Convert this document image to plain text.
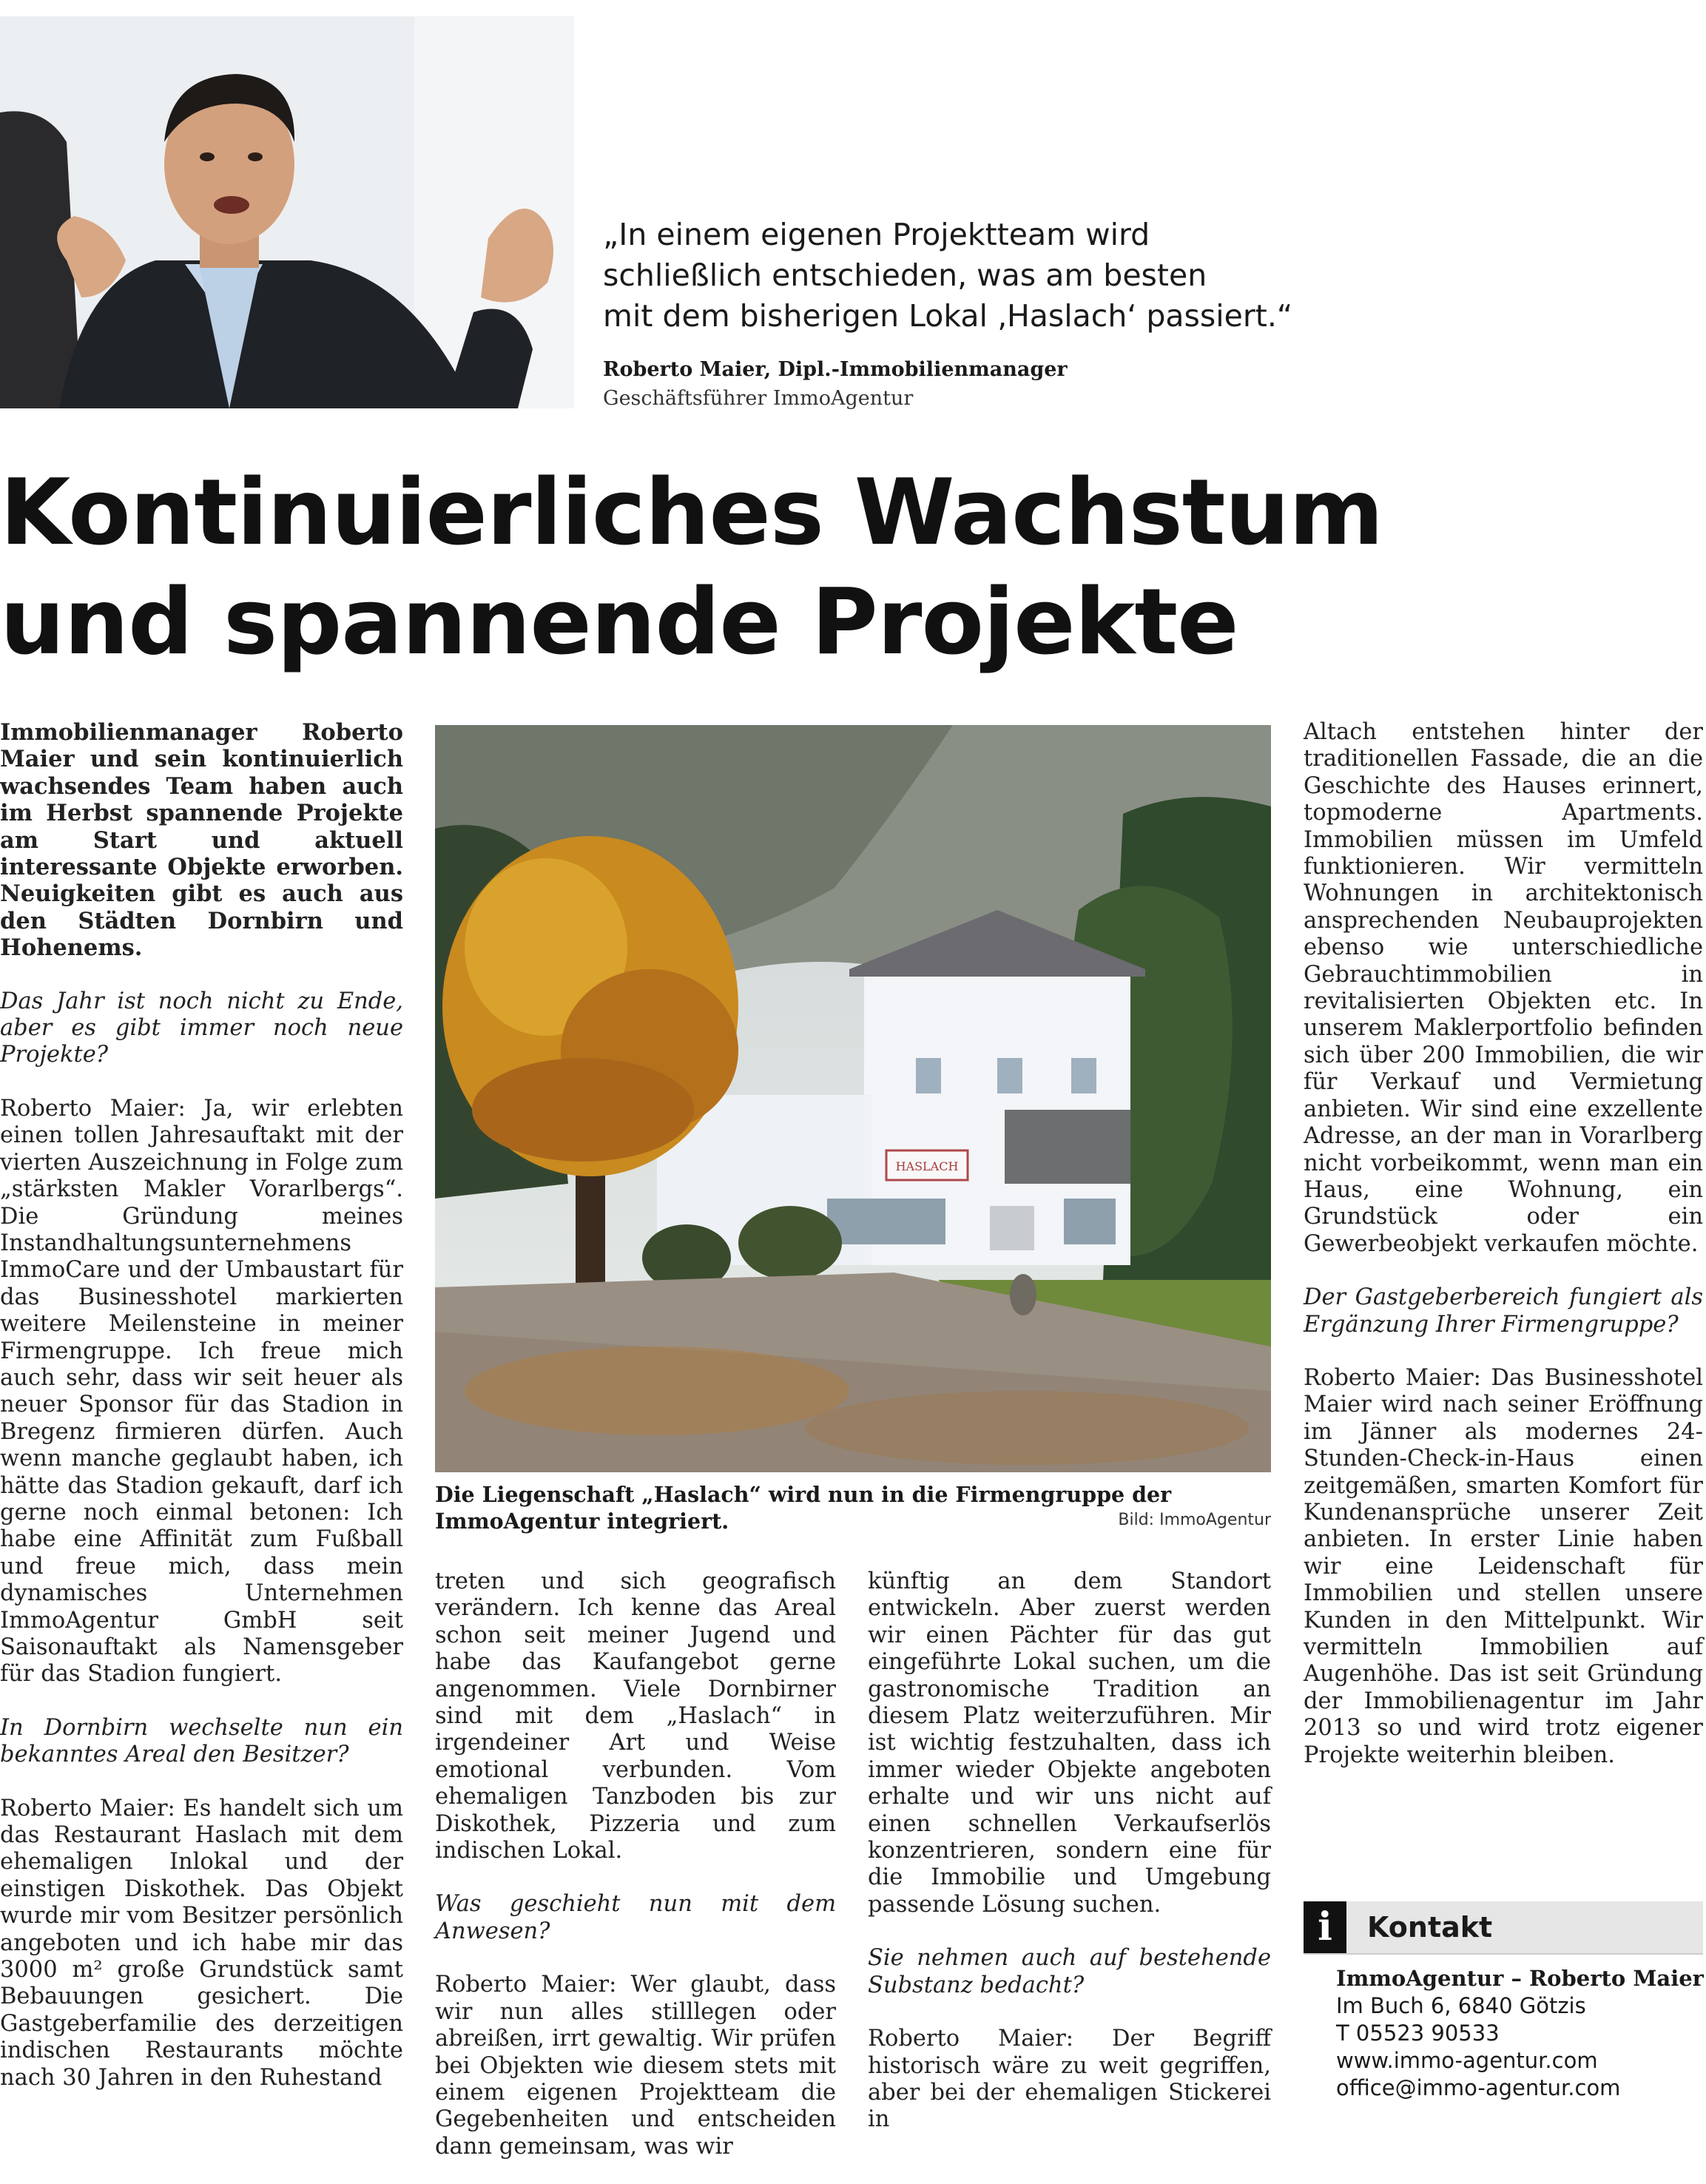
„In einem eigenen Projektteam wird
schließlich entschieden, was am besten
mit dem bisherigen Lokal ‚Haslach‘ passiert.“
Roberto Maier, Dipl.-Immobilienmanager
Geschäftsführer ImmoAgentur
Kontinuierliches Wachstum
und spannende Projekte

Immobilienmanager Roberto Maier und sein kontinuierlich wachsendes Team haben auch im Herbst spannende Projekte am Start und aktuell interessante Objekte erworben. Neuigkeiten gibt es auch aus den Städten Dornbirn und Hohenems.

Das Jahr ist noch nicht zu Ende, aber es gibt immer noch neue Projekte?

Roberto Maier: Ja, wir erlebten einen tollen Jahresauftakt mit der vierten Auszeichnung in Folge zum „stärksten Makler Vorarlbergs“. Die Gründung meines Instandhaltungsunternehmens ImmoCare und der Umbaustart für das Businesshotel markierten weitere Meilensteine in meiner Firmengruppe. Ich freue mich auch sehr, dass wir seit heuer als neuer Sponsor für das Stadion in Bregenz firmieren dürfen. Auch wenn manche geglaubt haben, ich hätte das Stadion gekauft, darf ich gerne noch einmal betonen: Ich habe eine Affinität zum Fußball und freue mich, dass mein dynamisches Unternehmen ImmoAgentur GmbH seit Saisonauftakt als Namensgeber für das Stadion fungiert.

In Dornbirn wechselte nun ein bekanntes Areal den Besitzer?

Roberto Maier: Es handelt sich um das Restaurant Haslach mit dem ehemaligen Inlokal und der einstigen Diskothek. Das Objekt wurde mir vom Besitzer persönlich angeboten und ich habe mir das 3000 m² große Grundstück samt Bebauungen gesichert. Die Gastgeberfamilie des derzeitigen indischen Restaurants möchte nach 30 Jahren in den Ruhestand

HASLACH
Die Liegenschaft „Haslach“ wird nun in die Firmengruppe der ImmoAgentur integriert.	Bild: ImmoAgentur

treten und sich geografisch verändern. Ich kenne das Areal schon seit meiner Jugend und habe das Kaufangebot gerne angenommen. Viele Dornbirner sind mit dem „Haslach“ in irgendeiner Art und Weise emotional verbunden. Vom ehemaligen Tanzboden bis zur Diskothek, Pizzeria und zum indischen Lokal.

Was geschieht nun mit dem Anwesen?

Roberto Maier: Wer glaubt, dass wir nun alles stilllegen oder abreißen, irrt gewaltig. Wir prüfen bei Objekten wie diesem stets mit einem eigenen Projektteam die Gegebenheiten und entscheiden dann gemeinsam, was wir

künftig an dem Standort entwickeln. Aber zuerst werden wir einen Pächter für das gut eingeführte Lokal suchen, um die gastronomische Tradition an diesem Platz weiterzuführen. Mir ist wichtig festzuhalten, dass ich immer wieder Objekte angeboten erhalte und wir uns nicht auf einen schnellen Verkaufserlös konzentrieren, sondern eine für die Immobilie und Umgebung passende Lösung suchen.

Sie nehmen auch auf bestehende Substanz bedacht?

Roberto Maier: Der Begriff historisch wäre zu weit gegriffen, aber bei der ehemaligen Stickerei in

Altach entstehen hinter der traditionellen Fassade, die an die Geschichte des Hauses erinnert, topmoderne Apartments. Immobilien müssen im Umfeld funktionieren. Wir vermitteln Wohnungen in architektonisch ansprechenden Neubauprojekten ebenso wie unterschiedliche Gebrauchtimmobilien in revitalisierten Objekten etc. In unserem Maklerportfolio befinden sich über 200 Immobilien, die wir für Verkauf und Vermietung anbieten. Wir sind eine exzellente Adresse, an der man in Vorarlberg nicht vorbeikommt, wenn man ein Haus, eine Wohnung, ein Grundstück oder ein Gewerbeobjekt verkaufen möchte.

Der Gastgeberbereich fungiert als Ergänzung Ihrer Firmengruppe?

Roberto Maier: Das Businesshotel Maier wird nach seiner Eröffnung im Jänner als modernes 24-Stunden-Check-in-Haus einen zeitgemäßen, smarten Komfort für Kundenansprüche unserer Zeit anbieten. In erster Linie haben wir eine Leidenschaft für Immobilien und stellen unsere Kunden in den Mittelpunkt. Wir vermitteln Immobilien auf Augenhöhe. Das ist seit Gründung der Immobilienagentur im Jahr 2013 so und wird trotz eigener Projekte weiterhin bleiben.

i	Kontakt
ImmoAgentur – Roberto Maier
Im Buch 6, 6840 Götzis
T 05523 90533
www.immo-agentur.com
office@immo-agentur.com
